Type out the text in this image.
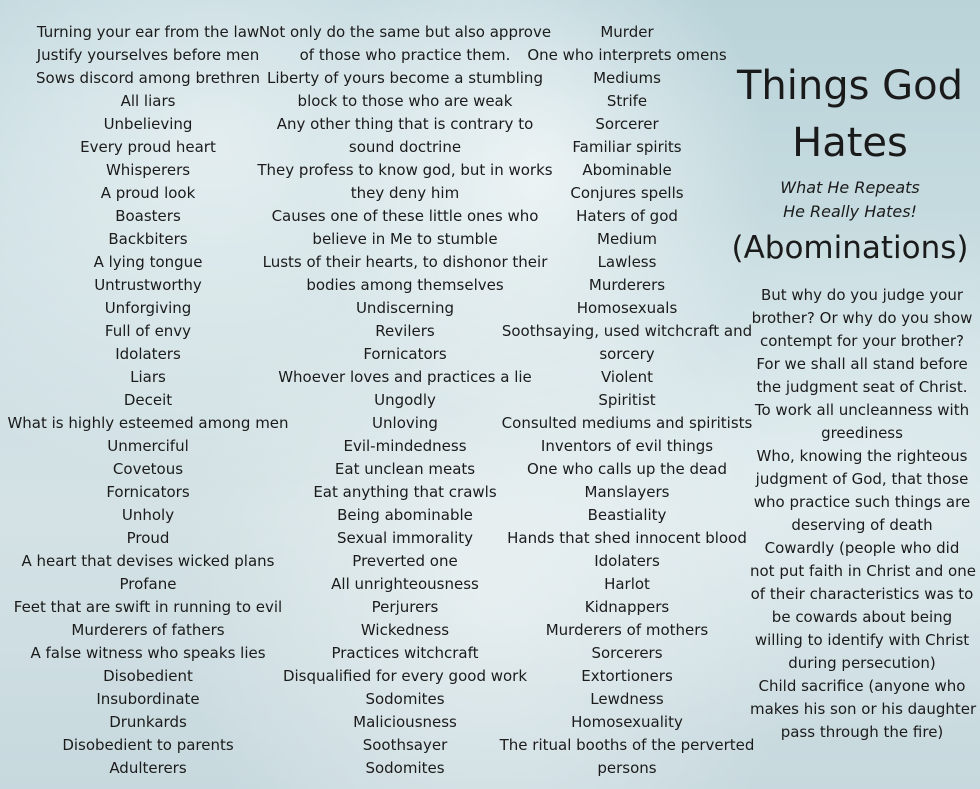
Turning your ear from the law
Justify yourselves before men
Sows discord among brethren
All liars
Unbelieving
Every proud heart
Whisperers
A proud look
Boasters
Backbiters
A lying tongue
Untrustworthy
Unforgiving
Full of envy
Idolaters
Liars
Deceit
What is highly esteemed among men
Unmerciful
Covetous
Fornicators
Unholy
Proud
A heart that devises wicked plans
Profane
Feet that are swift in running to evil
Murderers of fathers
A false witness who speaks lies
Disobedient
Insubordinate
Drunkards
Disobedient to parents
Adulterers
Not only do the same but also approve
of those who practice them.
Liberty of yours become a stumbling
block to those who are weak
Any other thing that is contrary to
sound doctrine
They profess to know god, but in works
they deny him
Causes one of these little ones who
believe in Me to stumble
Lusts of their hearts, to dishonor their
bodies among themselves
Undiscerning
Revilers
Fornicators
Whoever loves and practices a lie
Ungodly
Unloving
Evil-mindedness
Eat unclean meats
Eat anything that crawls
Being abominable
Sexual immorality
Preverted one
All unrighteousness
Perjurers
Wickedness
Practices witchcraft
Disqualified for every good work
Sodomites
Maliciousness
Soothsayer
Sodomites
Murder
One who interprets omens
Mediums
Strife
Sorcerer
Familiar spirits
Abominable
Conjures spells
Haters of god
Medium
Lawless
Murderers
Homosexuals
Soothsaying, used witchcraft and
sorcery
Violent
Spiritist
Consulted mediums and spiritists
Inventors of evil things
One who calls up the dead
Manslayers
Beastiality
Hands that shed innocent blood
Idolaters
Harlot
Kidnappers
Murderers of mothers
Sorcerers
Extortioners
Lewdness
Homosexuality
The ritual booths of the perverted
persons
Things God
Hates
What He Repeats
He Really Hates!
(Abominations)
But why do you judge your
brother? Or why do you show
contempt for your brother?
For we shall all stand before
the judgment seat of Christ.
To work all uncleanness with
greediness
Who, knowing the righteous
judgment of God, that those
who practice such things are
deserving of death
Cowardly (people who did
not put faith in Christ and one
of their characteristics was to
be cowards about being
willing to identify with Christ
during persecution)
Child sacrifice (anyone who
makes his son or his daughter
pass through the fire)
